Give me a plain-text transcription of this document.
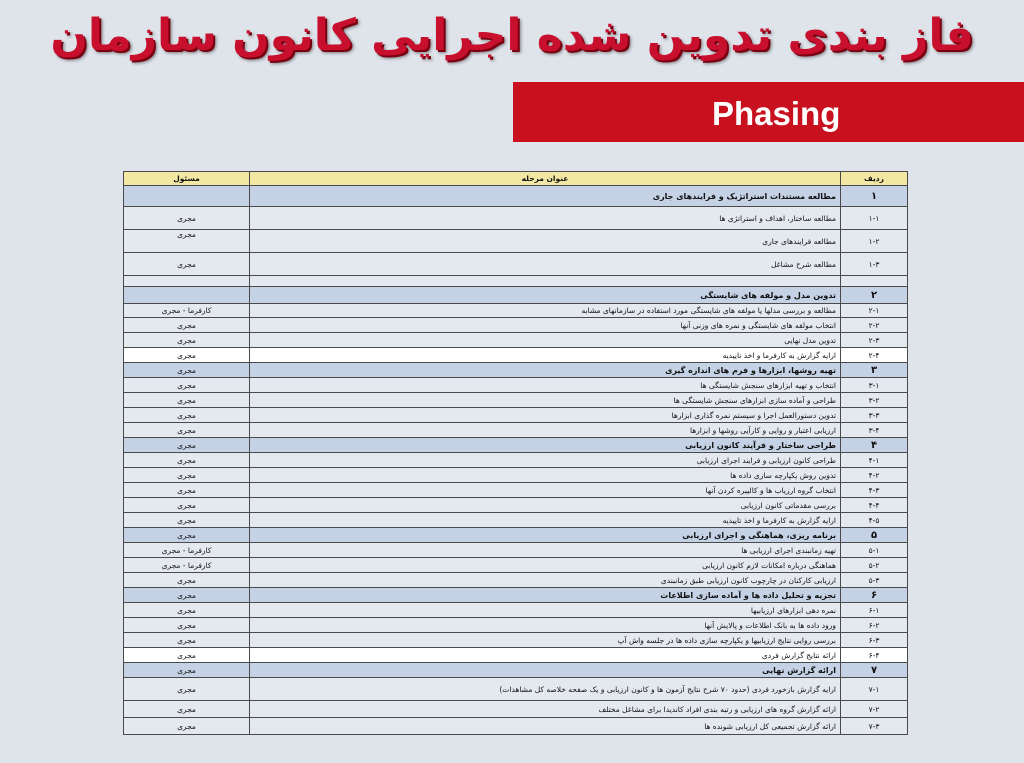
فاز بندی تدوین شده اجرایی کانون سازمان
Phasing
مسئول	عنوان مرحله	ردیف
	مطالعه مستندات استراتژیک و فرایندهای جاری	۱
مجری	مطالعه ساختار، اهداف و استراتژی ها	۱-۱
مجری	مطالعه فرایندهای جاری	۱-۲
مجری	مطالعه شرح مشاغل	۱-۳

	تدوین مدل و مولفه های شایستگی	۲
کارفرما - مجری	مطالعه و بررسی مدلها یا مولفه های شایستگی مورد استفاده در سازمانهای مشابه	۲-۱
مجری	انتخاب مولفه های شایستگی و نمره های وزنی آنها	۲-۲
مجری	تدوین مدل نهایی	۲-۳
مجری	ارایه گزارش به کارفرما و اخذ تاییدیه	۲-۴
مجری	تهیه روشها، ابزارها و فرم های اندازه گیری	۳
مجری	انتخاب و تهیه ابزارهای سنجش شایستگی ها	۳-۱
مجری	طراحی و آماده سازی ابزارهای سنجش شایستگی ها	۳-۲
مجری	تدوین دستورالعمل اجرا و سیستم نمره گذاری ابزارها	۳-۳
مجری	ارزیابی اعتبار و روایی و کارآیی روشها و ابزارها	۳-۴
مجری	طراحی ساختار و فرآیند کانون ارزیابی	۴
مجری	طراحی کانون ارزیابی و فرایند اجرای ارزیابی	۴-۱
مجری	تدوین روش یکپارچه سازی داده ها	۴-۲
مجری	انتخاب گروه ارزیاب ها و کالیبره کردن آنها	۴-۳
مجری	بررسی مقدماتی کانون ارزیابی	۴-۴
مجری	ارایه گزارش به کارفرما و اخذ تاییدیه	۴-۵
مجری	برنامه ریزی، هماهنگی و اجرای ارزیابی	۵
کارفرما - مجری	تهیه زمانبندی اجرای ارزیابی ها	۵-۱
کارفرما - مجری	هماهنگی درباره امکانات لازم کانون ارزیابی	۵-۲
مجری	ارزیابی کارکنان در چارچوب کانون ارزیابی طبق زمانبندی	۵-۳
مجری	تجزیه و تحلیل داده ها و آماده سازی اطلاعات	۶
مجری	نمره دهی ابزارهای ارزیابیها	۶-۱
مجری	ورود داده ها به بانک اطلاعات و پالایش آنها	۶-۲
مجری	بررسی روایی نتایج ارزیابیها و یکپارچه سازی داده ها در جلسه واش آپ	۶-۳
مجری	ارائه نتایج گزارش فردی	۶-۴
مجری	ارائه گزارش نهایی	۷
مجری	ارایه گزارش بازخورد فردی (حدود ۷۰ شرح نتایج آزمون ها و کانون ارزیابی و یک صفحه خلاصه کل مشاهدات)	۷-۱
مجری	ارائه گزارش گروه های ارزیابی و رتبه بندی افراد کاندیدا برای مشاغل مختلف	۷-۲
مجری	ارائه گزارش تجمیعی کل ارزیابی شونده ها	۷-۳
